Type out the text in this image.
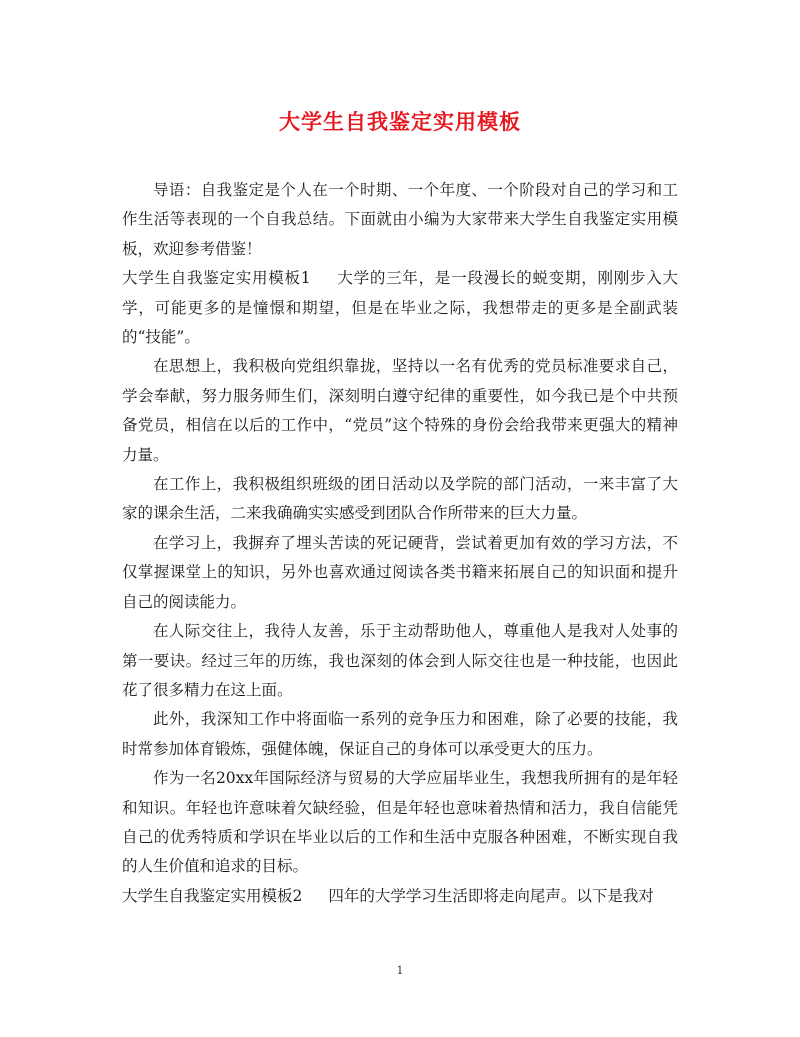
大学生自我鉴定实用模板

导语：自我鉴定是个人在一个时期、一个年度、一个阶段对自己的学习和工作生活等表现的一个自我总结。下面就由小编为大家带来大学生自我鉴定实用模板，欢迎参考借鉴！

大学生自我鉴定实用模板1 大学的三年，是一段漫长的蜕变期，刚刚步入大学，可能更多的是憧憬和期望，但是在毕业之际，我想带走的更多是全副武装的“技能”。

在思想上，我积极向党组织靠拢，坚持以一名有优秀的党员标准要求自己，学会奉献，努力服务师生们，深刻明白遵守纪律的重要性，如今我已是个中共预备党员，相信在以后的工作中，“党员”这个特殊的身份会给我带来更强大的精神力量。

在工作上，我积极组织班级的团日活动以及学院的部门活动，一来丰富了大家的课余生活，二来我确确实实感受到团队合作所带来的巨大力量。

在学习上，我摒弃了埋头苦读的死记硬背，尝试着更加有效的学习方法，不仅掌握课堂上的知识，另外也喜欢通过阅读各类书籍来拓展自己的知识面和提升自己的阅读能力。

在人际交往上，我待人友善，乐于主动帮助他人，尊重他人是我对人处事的第一要诀。经过三年的历练，我也深刻的体会到人际交往也是一种技能，也因此花了很多精力在这上面。

此外，我深知工作中将面临一系列的竞争压力和困难，除了必要的技能，我时常参加体育锻炼，强健体魄，保证自己的身体可以承受更大的压力。

作为一名20xx年国际经济与贸易的大学应届毕业生，我想我所拥有的是年轻和知识。年轻也许意味着欠缺经验，但是年轻也意味着热情和活力，我自信能凭自己的优秀特质和学识在毕业以后的工作和生活中克服各种困难，不断实现自我的人生价值和追求的目标。

大学生自我鉴定实用模板2 四年的大学学习生活即将走向尾声。以下是我对

1
